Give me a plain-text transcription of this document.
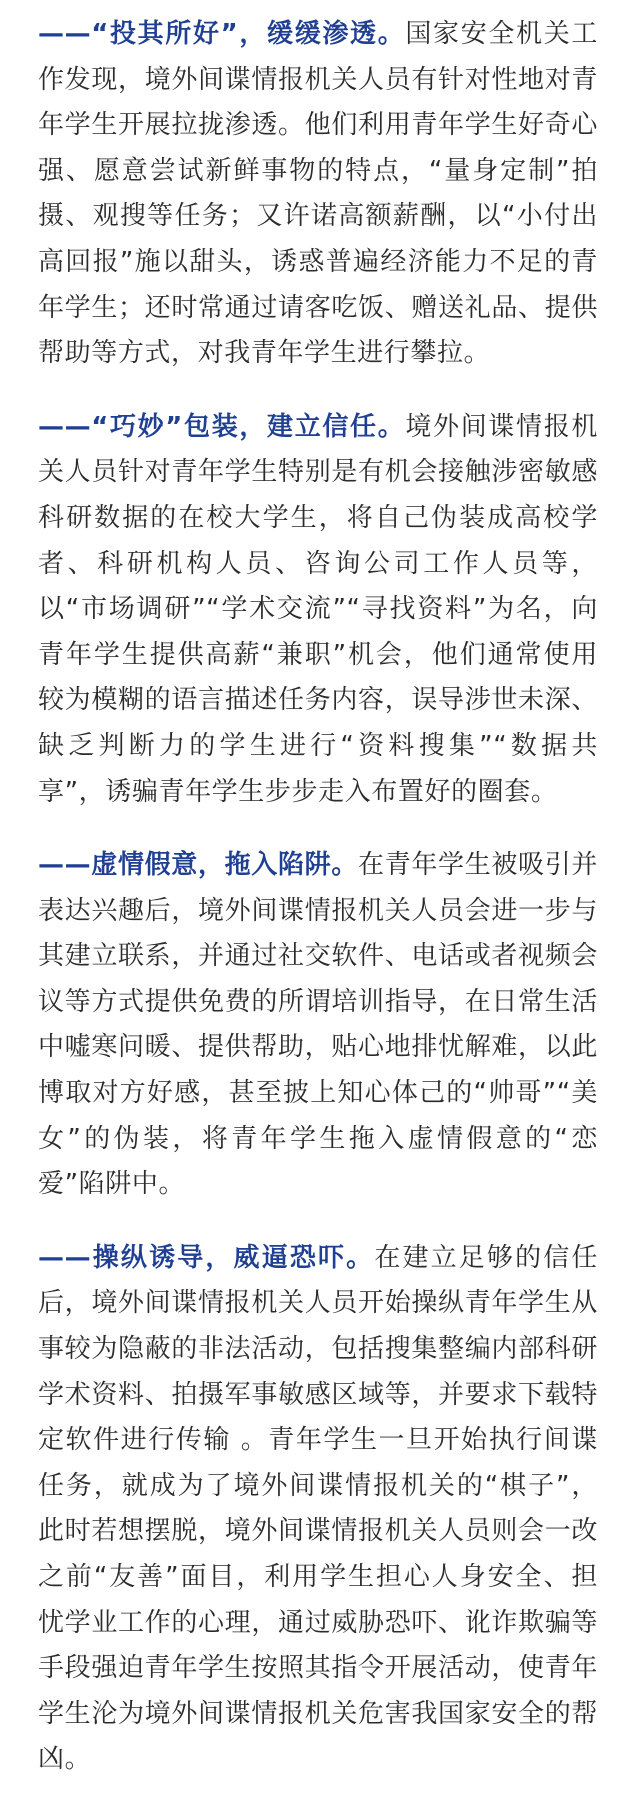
——“投其所好”，缓缓渗透。国家安全机关工作发现，境外间谍情报机关人员有针对性地对青年学生开展拉拢渗透。他们利用青年学生好奇心强、愿意尝试新鲜事物的特点，“量身定制”拍摄、观搜等任务；又许诺高额薪酬，以“小付出高回报”施以甜头，诱惑普遍经济能力不足的青年学生；还时常通过请客吃饭、赠送礼品、提供帮助等方式，对我青年学生进行攀拉。

——“巧妙”包装，建立信任。境外间谍情报机关人员针对青年学生特别是有机会接触涉密敏感科研数据的在校大学生，将自己伪装成高校学者、科研机构人员、咨询公司工作人员等，以“市场调研”“学术交流”“寻找资料”为名，向青年学生提供高薪“兼职”机会，他们通常使用较为模糊的语言描述任务内容，误导涉世未深、缺乏判断力的学生进行“资料搜集”“数据共享”，诱骗青年学生步步走入布置好的圈套。

——虚情假意，拖入陷阱。在青年学生被吸引并表达兴趣后，境外间谍情报机关人员会进一步与其建立联系，并通过社交软件、电话或者视频会议等方式提供免费的所谓培训指导，在日常生活中嘘寒问暖、提供帮助，贴心地排忧解难，以此博取对方好感，甚至披上知心体己的“帅哥”“美女”的伪装，将青年学生拖入虚情假意的“恋爱”陷阱中。

——操纵诱导，威逼恐吓。在建立足够的信任后，境外间谍情报机关人员开始操纵青年学生从事较为隐蔽的非法活动，包括搜集整编内部科研学术资料、拍摄军事敏感区域等，并要求下载特定软件进行传输 。青年学生一旦开始执行间谍任务，就成为了境外间谍情报机关的“棋子”，此时若想摆脱，境外间谍情报机关人员则会一改之前“友善”面目，利用学生担心人身安全、担忧学业工作的心理，通过威胁恐吓、讹诈欺骗等手段强迫青年学生按照其指令开展活动，使青年学生沦为境外间谍情报机关危害我国家安全的帮凶。
